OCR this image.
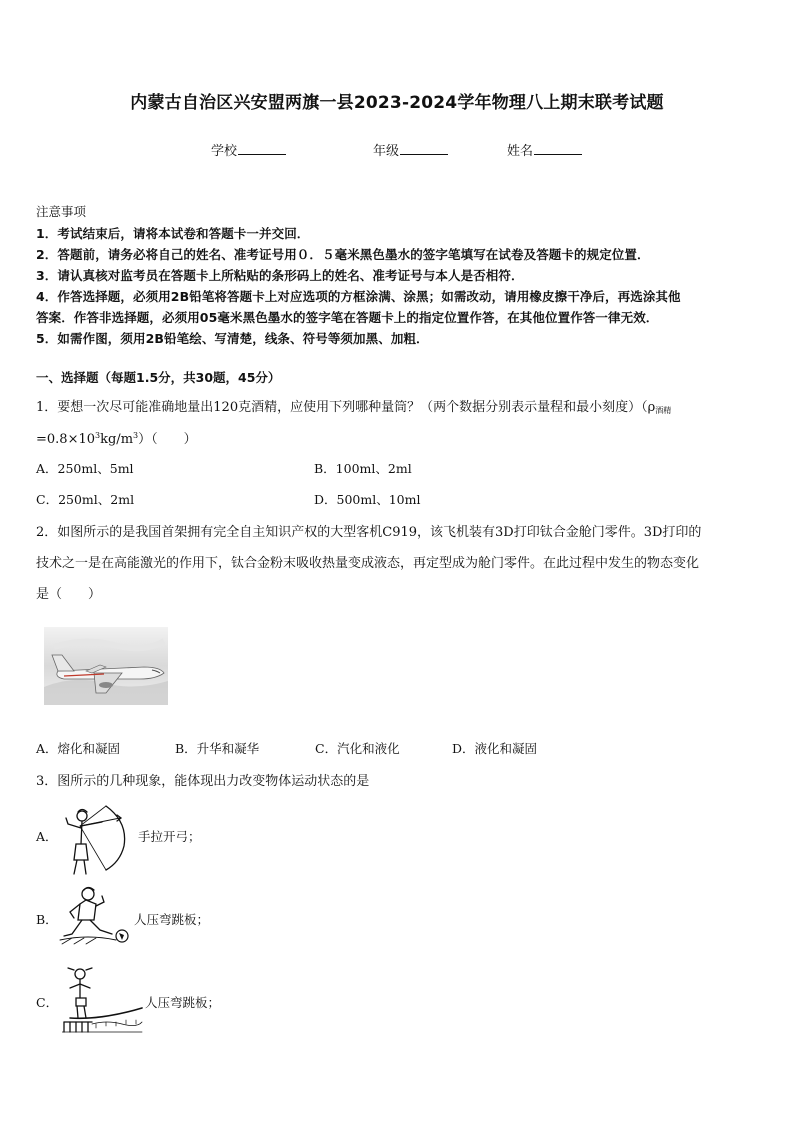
内蒙古自治区兴安盟两旗一县2023-2024学年物理八上期末联考试题
学校	年级	姓名
注意事项
1．考试结束后，请将本试卷和答题卡一并交回．
2．答题前，请务必将自己的姓名、准考证号用０．５毫米黑色墨水的签字笔填写在试卷及答题卡的规定位置．
3．请认真核对监考员在答题卡上所粘贴的条形码上的姓名、准考证号与本人是否相符．
4．作答选择题，必须用2B铅笔将答题卡上对应选项的方框涂满、涂黑；如需改动，请用橡皮擦干净后，再选涂其他
答案．作答非选择题，必须用05毫米黑色墨水的签字笔在答题卡上的指定位置作答，在其他位置作答一律无效．
5．如需作图，须用2B铅笔绘、写清楚，线条、符号等须加黑、加粗．
一、选择题（每题1.5分，共30题，45分）
1．要想一次尽可能准确地量出120克酒精，应使用下列哪种量筒？（两个数据分别表示量程和最小刻度）（$\rho_{酒精}$
$=0.8\times 10^3kg/m^3$）（　　）
A．250ml、5ml	B．100ml、2ml
C．250ml、2ml	D．500ml、10ml
2．如图所示的是我国首架拥有完全自主知识产权的大型客机C919，该飞机装有3D打印钛合金舱门零件。3D打印的
技术之一是在高能激光的作用下，钛合金粉末吸收热量变成液态，再定型成为舱门零件。在此过程中发生的物态变化
是（　　）
A．熔化和凝固	B．升华和凝华	C．汽化和液化	D．液化和凝固
3．图所示的几种现象，能体现出力改变物体运动状态的是
A．	手拉开弓；
B．	人压弯跳板；
C．	人压弯跳板；
